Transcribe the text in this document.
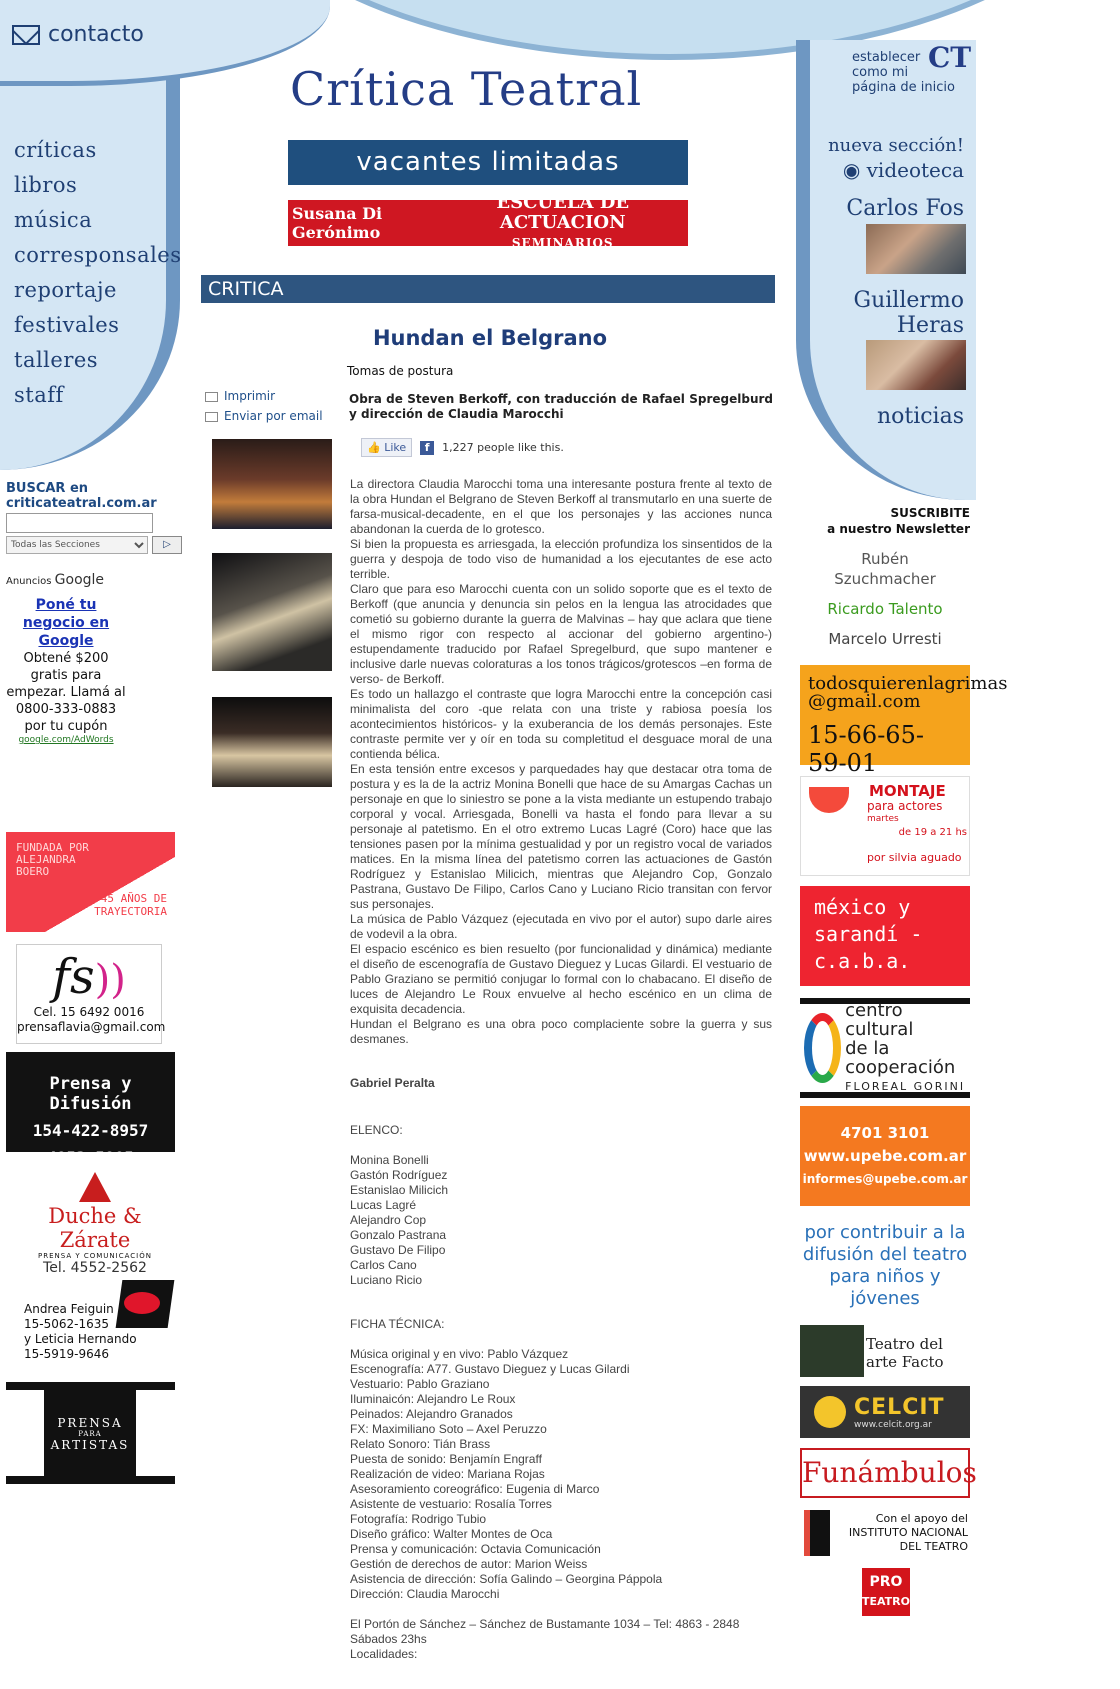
contacto
Crítica Teatral
vacantes limitadas
Susana Di Gerónimo
ESCUELA DE ACTUACION
SEMINARIOS
establecer
como mi
página de inicio
CT
críticas
libros
música
corresponsales
reportaje
festivales
talleres
staff
nueva sección!
◉ videoteca
Carlos Fos
Guillermo
Heras
noticias
BUSCAR en
criticateatral.com.ar
Todas las Secciones
▷
Anuncios Google
Poné tu negocio en Google
Obtené $200 gratis para empezar. Llamá al 0800-333-0883 por tu cupón
google.com/AdWords
FUNDADA POR ALEJANDRA BOERO
45 AÑOS DE TRAYECTORIA
fs))
Cel. 15 6492 0016
prensaflavia@gmail.com
Prensa y Difusión
154-422-8957
4953-5905
Duche & Zárate
PRENSA Y COMUNICACIÓN
Tel. 4552-2562
Andrea Feiguin
15-5062-1635
y Leticia Hernando
15-5919-9646
PRENSA
PARA
ARTISTAS
CRITICA
Hundan el Belgrano
Tomas de postura
Imprimir
Enviar por email
Obra de Steven Berkoff, con traducción de Rafael Spregelburd y dirección de Claudia Marocchi
👍 Like	f	1,227 people like this.

La directora Claudia Marocchi toma una interesante postura frente al texto de la obra Hundan el Belgrano de Steven Berkoff al transmutarlo en una suerte de farsa-musical-decadente, en el que los personajes y las acciones nunca abandonan la cuerda de lo grotesco.

Si bien la propuesta es arriesgada, la elección profundiza los sinsentidos de la guerra y despoja de todo viso de humanidad a los ejecutantes de ese acto terrible.

Claro que para eso Marocchi cuenta con un solido soporte que es el texto de Berkoff (que anuncia y denuncia sin pelos en la lengua las atrocidades que cometió su gobierno durante la guerra de Malvinas – hay que aclara que tiene el mismo rigor con respecto al accionar del gobierno argentino-) estupendamente traducido por Rafael Spregelburd, que supo mantener e inclusive darle nuevas coloraturas a los tonos trágicos/grotescos –en forma de verso- de Berkoff.

Es todo un hallazgo el contraste que logra Marocchi entre la concepción casi minimalista del coro -que relata con una triste y rabiosa poesía los acontecimientos históricos- y la exuberancia de los demás personajes. Este contraste permite ver y oír en toda su completitud el desguace moral de una contienda bélica.

En esta tensión entre excesos y parquedades hay que destacar otra toma de postura y es la de la actriz Monina Bonelli que hace de su Amargas Cachas un personaje en que lo siniestro se pone a la vista mediante un estupendo trabajo corporal y vocal. Arriesgada, Bonelli va hasta el fondo para llevar a su personaje al patetismo. En el otro extremo Lucas Lagré (Coro) hace que las tensiones pasen por la mínima gestualidad y por un registro vocal de variados matices. En la misma línea del patetismo corren las actuaciones de Gastón Rodríguez y Estanislao Milicich, mientras que Alejandro Cop, Gonzalo Pastrana, Gustavo De Filipo, Carlos Cano y Luciano Ricio transitan con fervor sus personajes.

La música de Pablo Vázquez (ejecutada en vivo por el autor) supo darle aires de vodevil a la obra.

El espacio escénico es bien resuelto (por funcionalidad y dinámica) mediante el diseño de escenografía de Gustavo Dieguez y Lucas Gilardi. El vestuario de Pablo Graziano se permitió conjugar lo formal con lo chabacano. El diseño de luces de Alejandro Le Roux envuelve al hecho escénico en un clima de exquisita decadencia.

Hundan el Belgrano es una obra poco complaciente sobre la guerra y sus desmanes.

Gabriel Peralta
ELENCO:
Monina Bonelli
Gastón Rodríguez
Estanislao Milicich
Lucas Lagré
Alejandro Cop
Gonzalo Pastrana
Gustavo De Filipo
Carlos Cano
Luciano Ricio
FICHA TÉCNICA:
Música original y en vivo: Pablo Vázquez
Escenografía: A77. Gustavo Dieguez y Lucas Gilardi
Vestuario: Pablo Graziano
Iluminaicón: Alejandro Le Roux
Peinados: Alejandro Granados
FX: Maximiliano Soto – Axel Peruzzo
Relato Sonoro: Tián Brass
Puesta de sonido: Benjamín Engraff
Realización de video: Mariana Rojas
Asesoramiento coreográfico: Eugenia di Marco
Asistente de vestuario: Rosalía Torres
Fotografía: Rodrigo Tubio
Diseño gráfico: Walter Montes de Oca
Prensa y comunicación: Octavia Comunicación
Gestión de derechos de autor: Marion Weiss
Asistencia de dirección: Sofía Galindo – Georgina Páppola
Dirección: Claudia Marocchi
El Portón de Sánchez – Sánchez de Bustamante 1034 – Tel: 4863 - 2848
Sábados 23hs
Localidades:
SUSCRIBITE
a nuestro Newsletter
Rubén
Szuchmacher
Ricardo Talento
Marcelo Urresti
todosquierenlagrimas @gmail.com
15-66-65-59-01
MONTAJE
para actores
martes
de 19 a 21 hs
por silvia aguado
méxico y sarandí - c.a.b.a.
centro cultural
de la cooperación
FLOREAL GORINI
4701 3101
www.upebe.com.ar
informes@upebe.com.ar
por contribuir a la difusión del teatro para niños y jóvenes
Teatro del arte Facto
CELCIT
www.celcit.org.ar
Funámbulos
Con el apoyo del
INSTITUTO NACIONAL
DEL TEATRO
PRO
TEATRO
